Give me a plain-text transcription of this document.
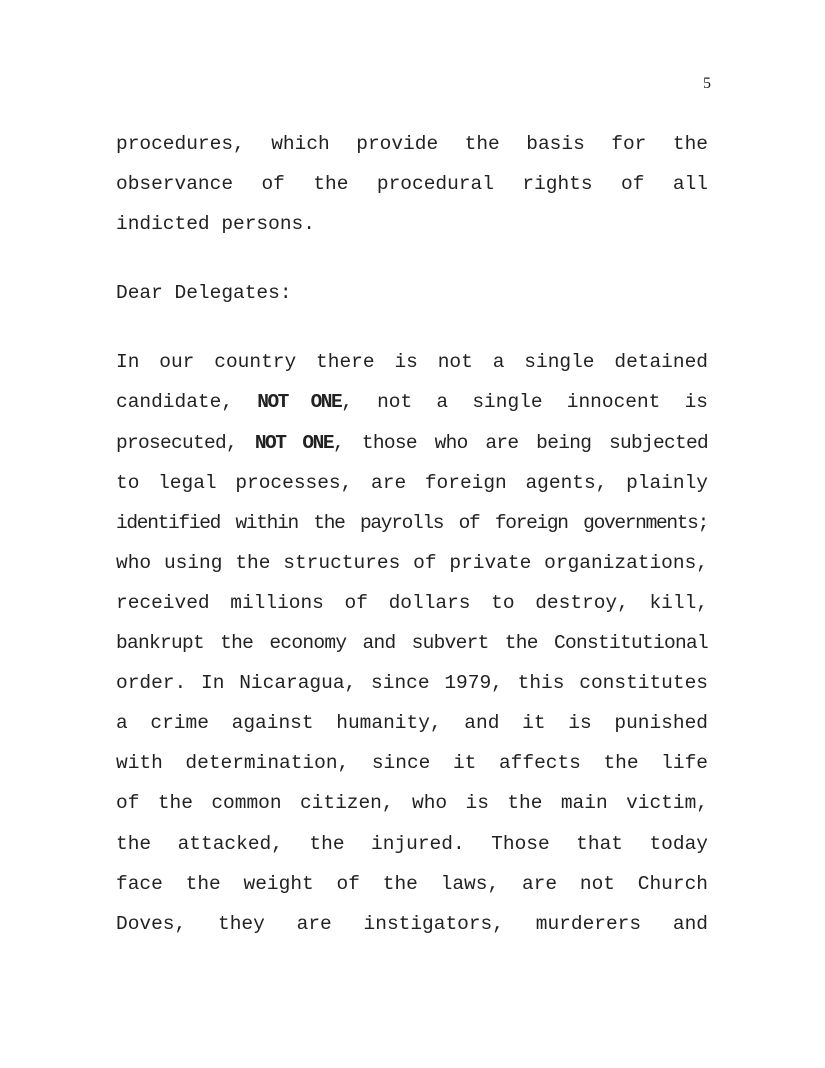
5
procedures, which provide the basis for the
observance of the procedural rights of all
indicted persons.
Dear Delegates:
In our country there is not a single detained
candidate, NOT ONE, not a single innocent is
prosecuted, NOT ONE, those who are being subjected
to legal processes, are foreign agents, plainly
identified within the payrolls of foreign governments;
who using the structures of private organizations,
received millions of dollars to destroy, kill,
bankrupt the economy and subvert the Constitutional
order. In Nicaragua, since 1979, this constitutes
a crime against humanity, and it is punished
with determination, since it affects the life
of the common citizen, who is the main victim,
the attacked, the injured. Those that today
face the weight of the laws, are not Church
Doves, they are instigators, murderers and
